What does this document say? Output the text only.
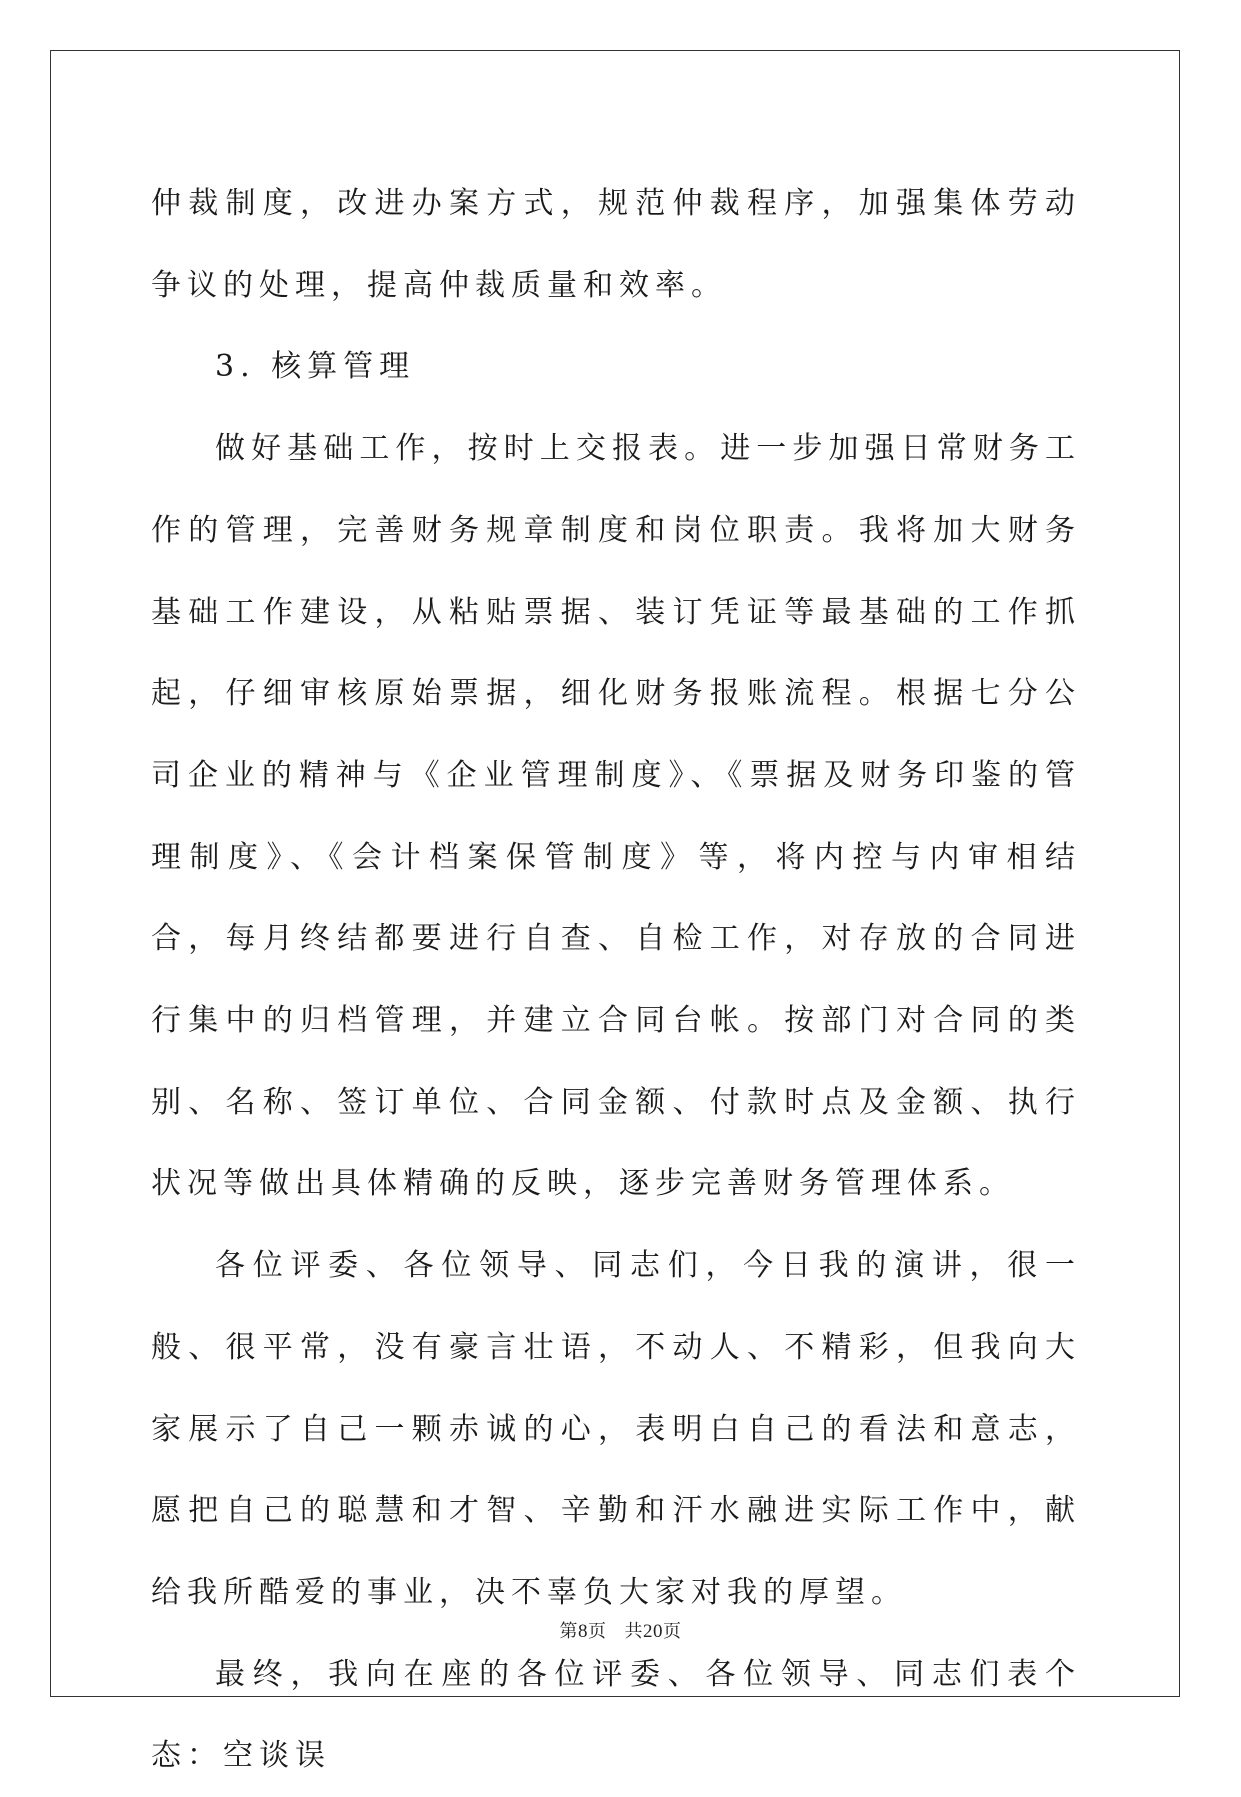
仲裁制度，改进办案方式，规范仲裁程序，加强集体劳动争议的处理，提高仲裁质量和效率。

3. 核算管理

做好基础工作，按时上交报表。进一步加强日常财务工作的管理，完善财务规章制度和岗位职责。我将加大财务基础工作建设，从粘贴票据、装订凭证等最基础的工作抓起，仔细审核原始票据，细化财务报账流程。根据七分公司企业的精神与《企业管理制度》、《票据及财务印鉴的管理制度》、《会计档案保管制度》等，将内控与内审相结合，每月终结都要进行自查、自检工作，对存放的合同进行集中的归档管理，并建立合同台帐。按部门对合同的类别、名称、签订单位、合同金额、付款时点及金额、执行状况等做出具体精确的反映，逐步完善财务管理体系。

各位评委、各位领导、同志们，今日我的演讲，很一般、很平常，没有豪言壮语，不动人、不精彩，但我向大家展示了自己一颗赤诚的心，表明白自己的看法和意志，愿把自己的聪慧和才智、辛勤和汗水融进实际工作中，献给我所酷爱的事业，决不辜负大家对我的厚望。

最终，我向在座的各位评委、各位领导、同志们表个态：空谈误

第8页 共20页
